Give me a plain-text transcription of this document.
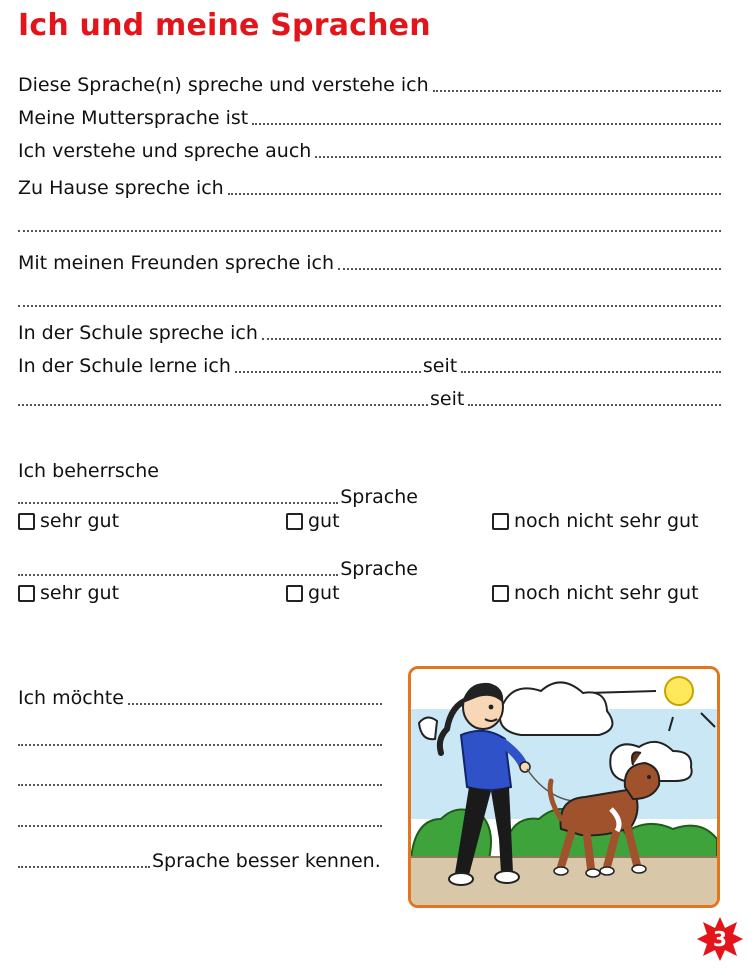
Ich und meine Sprachen
Diese Sprache(n) spreche und verstehe ich
Meine Muttersprache ist
Ich verstehe und spreche auch
Zu Hause spreche ich
Mit meinen Freunden spreche ich
In der Schule spreche ich
In der Schule lerne ich	seit
seit
Ich beherrsche
Sprache
sehr gut	gut	noch nicht sehr gut
Sprache
sehr gut	gut	noch nicht sehr gut
Ich möchte
Sprache besser kennen.
3
